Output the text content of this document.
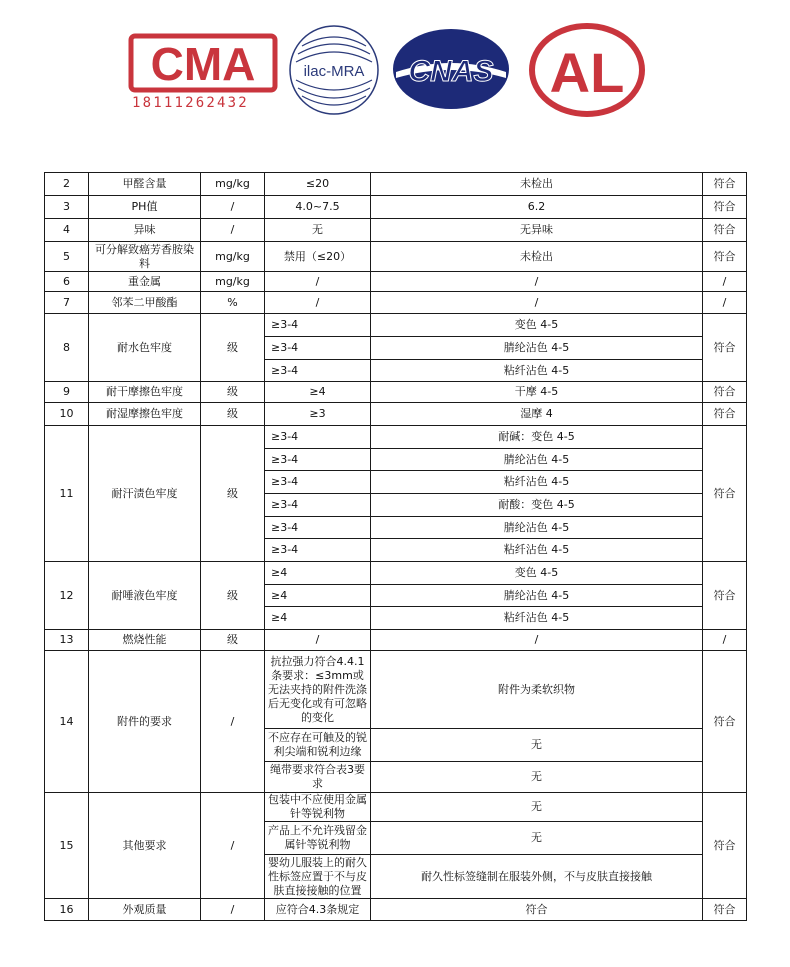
CMA
18111262432
ilac-MRA CNAS AL
2	甲醛含量	mg/kg	≤20	未检出	符合
3	PH值	/	4.0~7.5	6.2	符合
4	异味	/	无	无异味	符合
5	可分解致癌芳香胺染料	mg/kg	禁用（≤20）	未检出	符合
6	重金属	mg/kg	/	/	/
7	邻苯二甲酸酯	%	/	/	/
8	耐水色牢度	级	≥3-4	变色 4-5	符合
			≥3-4	腈纶沾色 4-5	
			≥3-4	粘纤沾色 4-5	
9	耐干摩擦色牢度	级	≥4	干摩 4-5	符合
10	耐湿摩擦色牢度	级	≥3	湿摩 4	符合
11	耐汗渍色牢度	级	≥3-4	耐碱：变色 4-5	符合
			≥3-4	腈纶沾色 4-5	
			≥3-4	粘纤沾色 4-5	
			≥3-4	耐酸：变色 4-5	
			≥3-4	腈纶沾色 4-5	
			≥3-4	粘纤沾色 4-5	
12	耐唾液色牢度	级	≥4	变色 4-5	符合
			≥4	腈纶沾色 4-5	
			≥4	粘纤沾色 4-5	
13	燃烧性能	级	/	/	/
14	附件的要求	/	抗拉强力符合4.4.1条要求：≤3mm或无法夹持的附件洗涤后无变化或有可忽略的变化	附件为柔软织物	符合
			不应存在可触及的锐利尖端和锐利边缘	无	
			绳带要求符合表3要求	无	
15	其他要求	/	包装中不应使用金属针等锐利物	无	符合
			产品上不允许残留金属针等锐利物	无	
			婴幼儿服装上的耐久性标签应置于不与皮肤直接接触的位置	耐久性标签缝制在服装外侧，不与皮肤直接接触	
16	外观质量	/	应符合4.3条规定	符合	符合
